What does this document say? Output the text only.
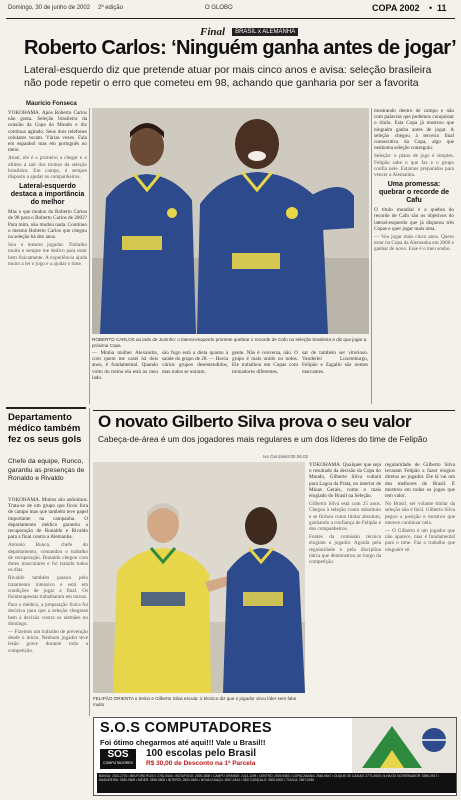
Domingo, 30 de junho de 2002 2ª edição	O GLOBO	COPA 2002 • 11
Final BRASIL x ALEMANHA
Roberto Carlos: ‘Ninguém ganha antes de jogar’
Lateral-esquerdo diz que pretende atuar por mais cinco anos e avisa: seleção brasileira não pode repetir o erro que cometeu em 98, achando que ganharia por ser a favorita
Maurício Fonseca

YOKOHAMA. Após Roberto Carlos não gosta. Seleção brasileira da ocasião da Copa do Mundo e diz contínua agitado. Seus dois telefones celulares tocam. Várias vezes. Fala em espanhol mas em português no meio.

Atual, ele é o primeiro a chegar e o último a sair dos treinos da seleção brasileira. Em campo, é sempre disposto a ajudar os companheiros.

Lateral-esquerdo destaca a importância do melhor

Mas o que mudou do Roberto Carlos de 98 para o Roberto Carlos de 2002? Para mim, não mudou nada. Continuo o mesmo Roberto Carlos que chegou na seleção há dez anos.

Sou o mesmo jogador. Trabalho muito e sempre me dedico para estar bem fisicamente. A experiência ajuda muito a ler o jogo e a ajudar o time.

ROBERTO CARLOS ao lado de Juninho: o lateral-esquerdo promete quebrar o recorde de Cafu na seleção brasileira e diz que jogar a próxima Copa

— Minha mulher Alexandra, com quem me casei há dois anos, é fundamental. Quando volto do treino ela está ao meu lado.

são fogo está a dieta quanto à saúde do grupo de 28. — Havia vários grupos desentendidos, mas todos se uniram.

gente. Não é conversa, não. O grupo é mais unido ou todos. Ele trabalhou em Copas com treinadores diferentes.

sar de também ser vitorioso. Vanderlei Luxemburgo, Felipão e Zagallo são nomes marcantes.

mostrando dentro de campo e não com palavras que podemos conquistar o título. Esta Copa já mostrou que ninguém ganha antes de jogar. A seleção chegou à terceira final consecutiva da Copa, algo que nenhuma seleção conseguiu.

Seleção: o plano de jogo é simples. Felipão sabe o que faz e o grupo confia nele. Estamos preparados para vencer a Alemanha.

Uma promessa: quebrar o recorde de Cafu

O título mundial e a quebra do recorde de Cafu são os objetivos do lateral-esquerdo que já disputou três Copas e quer jogar mais uma.

— Vou jogar mais cinco anos. Quero estar na Copa da Alemanha em 2006 e ganhar de novo. Esse é o meu sonho.

Departamento médico também fez os seus gols
Chefe da equipe, Runco, garantiu as presenças de Ronaldo e Rivaldo

YOKOHAMA. Muitos são anônimos. Trata-se de um grupo que ficou fora de campo mas que também teve papel importante na campanha. O departamento médico garantiu a recuperação de Ronaldo e Rivaldo para a final contra a Alemanha.

Antonio Runco, chefe do departamento, comandou o trabalho de recuperação. Ronaldo chegou com dores musculares e foi tratado todos os dias.

Rivaldo também passou pelo tratamento intensivo e está em condições de jogar a final. Os fisioterapeutas trabalharam em turnos.

Para o médico, a preparação física foi decisiva para que a seleção chegasse bem à decisão contra os alemães no domingo.

— Fizemos um trabalho de prevenção desde o início. Nenhum jogador teve lesão grave durante toda a competição.

O novato Gilberto Silva prova o seu valor
Cabeça-de-área é um dos jogadores mais regulares e um dos líderes do time de Felipão
Ivo Gonzalez/30.06.02
FELIPÃO ORIENTA o treino e Gilberto Silva escuta: o técnico diz que o jogador virou líder sem falar muito

YOKOHAMA. Qualquer que seja o resultado da decisão da Copa do Mundo, Gilberto Silva voltará para Lagoa da Prata, no interior de Minas Gerais, como o mais elogiado do Brasil na Seleção.

Gilberto Silva está com 25 anos. Chegou à seleção como substituto e se firmou como titular absoluto, ganhando a confiança de Felipão e dos companheiros.

Fontes da comissão técnica elogiam o jogador. Agrada pela regularidade e pela disciplina tática que demonstrou ao longo da competição.

regularidade de Gilberto Silva levaram Felipão a fazer elogios diretos ao jogador. Ele lá vai um dos melhores do Brasil. E mostrou em todos os jogos que tem valor.

No Brasil, ser volante titular da seleção não é fácil. Gilberto Silva pegou a posição e mostrou que merece continuar nela.

— O Gilberto é um jogador que não aparece, mas é fundamental para o time. Faz o trabalho que ninguém vê.

S.O.S COMPUTADORES
Foi ótimo chegarmos até aqui!!! Vale u Brasil!!
SOS
COMPUTADORES
100 escolas pelo Brasil
R$ 30,00 de Desconto na 1ª Parcela
BANGU: 2401-2730 • BELFORD ROXO: 2761-9444 • BOTAFOGO: 2539-3808 • CAMPO GRANDE: 2413-1199 • CENTRO: 2509-9363 • COPACABANA: 2548-9647 • DUQUE DE CAXIAS: 2771-0000 • ILHA DO GOVERNADOR: 3396-0917 • MADUREIRA: 3390-9609 • MÉIER: 2596-9800 • NITERÓI: 2620-0460 • NOVA IGUAÇU: 2667-3344 • SÃO GONÇALO: 2605-6000 • TIJUCA: 2567-6060
